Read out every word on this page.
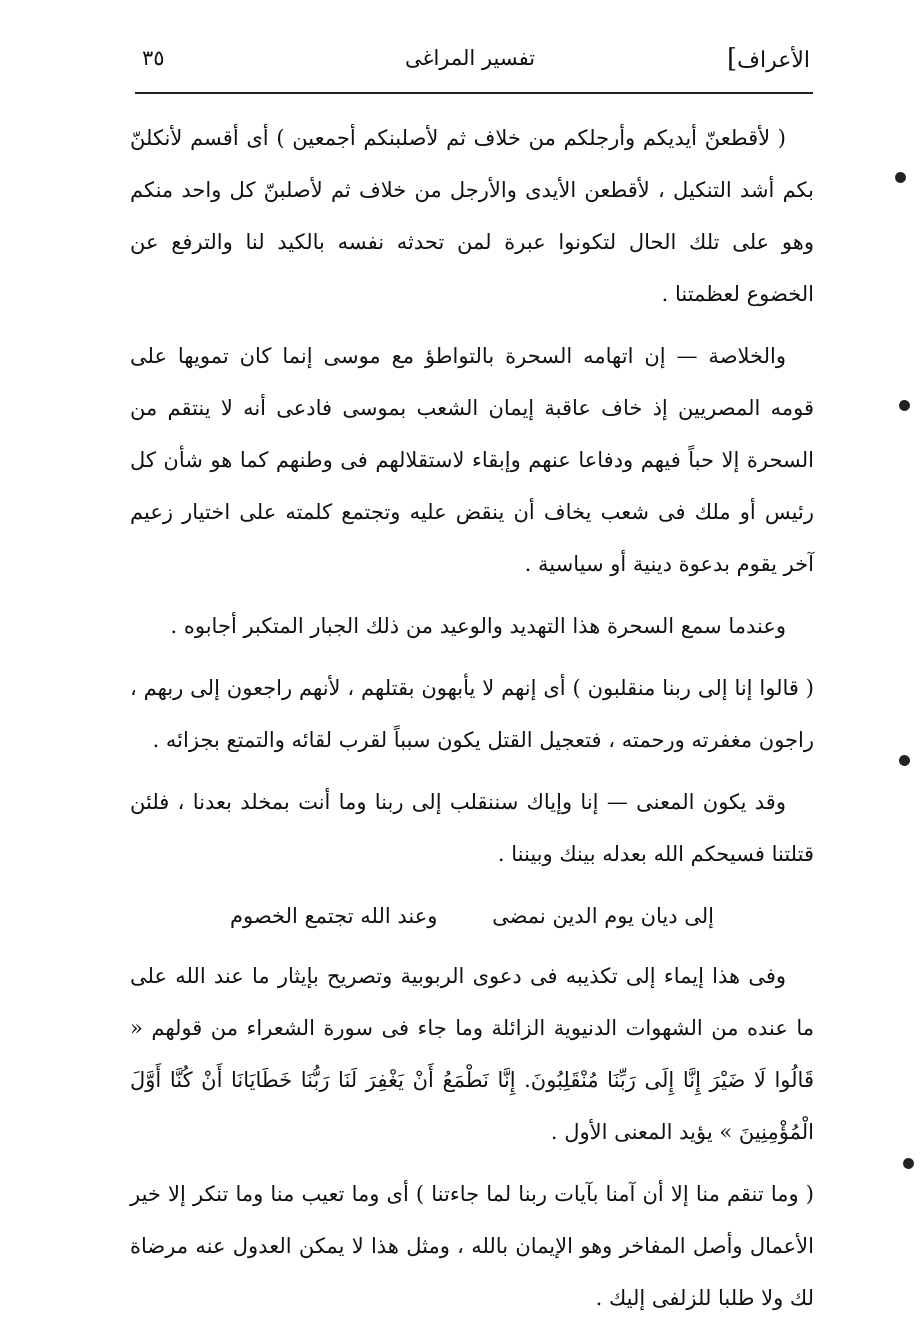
الأعراف]
تفسير المراغى
٣٥

( لأقطعنّ أيديكم وأرجلكم من خلاف ثم لأصلبنكم أجمعين ) أى أقسم لأنكلنّ بكم أشد التنكيل ، لأقطعن الأيدى والأرجل من خلاف ثم لأصلبنّ كل واحد منكم وهو على تلك الحال لتكونوا عبرة لمن تحدثه نفسه بالكيد لنا والترفع عن الخضوع لعظمتنا .

والخلاصة — إن اتهامه السحرة بالتواطؤ مع موسى إنما كان تمويها على قومه المصريين إذ خاف عاقبة إيمان الشعب بموسى فادعى أنه لا ينتقم من السحرة إلا حباً فيهم ودفاعا عنهم وإبقاء لاستقلالهم فى وطنهم كما هو شأن كل رئيس أو ملك فى شعب يخاف أن ينقض عليه وتجتمع كلمته على اختيار زعيم آخر يقوم بدعوة دينية أو سياسية .

وعندما سمع السحرة هذا التهديد والوعيد من ذلك الجبار المتكبر أجابوه .

( قالوا إنا إلى ربنا منقلبون ) أى إنهم لا يأبهون بقتلهم ، لأنهم راجعون إلى ربهم ، راجون مغفرته ورحمته ، فتعجيل القتل يكون سبباً لقرب لقائه والتمتع بجزائه .

وقد يكون المعنى — إنا وإياك سننقلب إلى ربنا وما أنت بمخلد بعدنا ، فلئن قتلتنا فسيحكم الله بعدله بينك وبيننا .

إلى ديان يوم الدين نمضى وعند الله تجتمع الخصوم

وفى هذا إيماء إلى تكذيبه فى دعوى الربوبية وتصريح بإيثار ما عند الله على ما عنده من الشهوات الدنيوية الزائلة وما جاء فى سورة الشعراء من قولهم « قَالُوا لَا ضَيْرَ إِنَّا إِلَى رَبِّنَا مُنْقَلِبُونَ. إِنَّا نَطْمَعُ أَنْ يَغْفِرَ لَنَا رَبُّنَا خَطَايَانَا أَنْ كُنَّا أَوَّلَ الْمُؤْمِنِينَ » يؤيد المعنى الأول .

( وما تنقم منا إلا أن آمنا بآيات ربنا لما جاءتنا ) أى وما تعيب منا وما تنكر إلا خير الأعمال وأصل المفاخر وهو الإيمان بالله ، ومثل هذا لا يمكن العدول عنه مرضاة لك ولا طلبا للزلفى إليك .
